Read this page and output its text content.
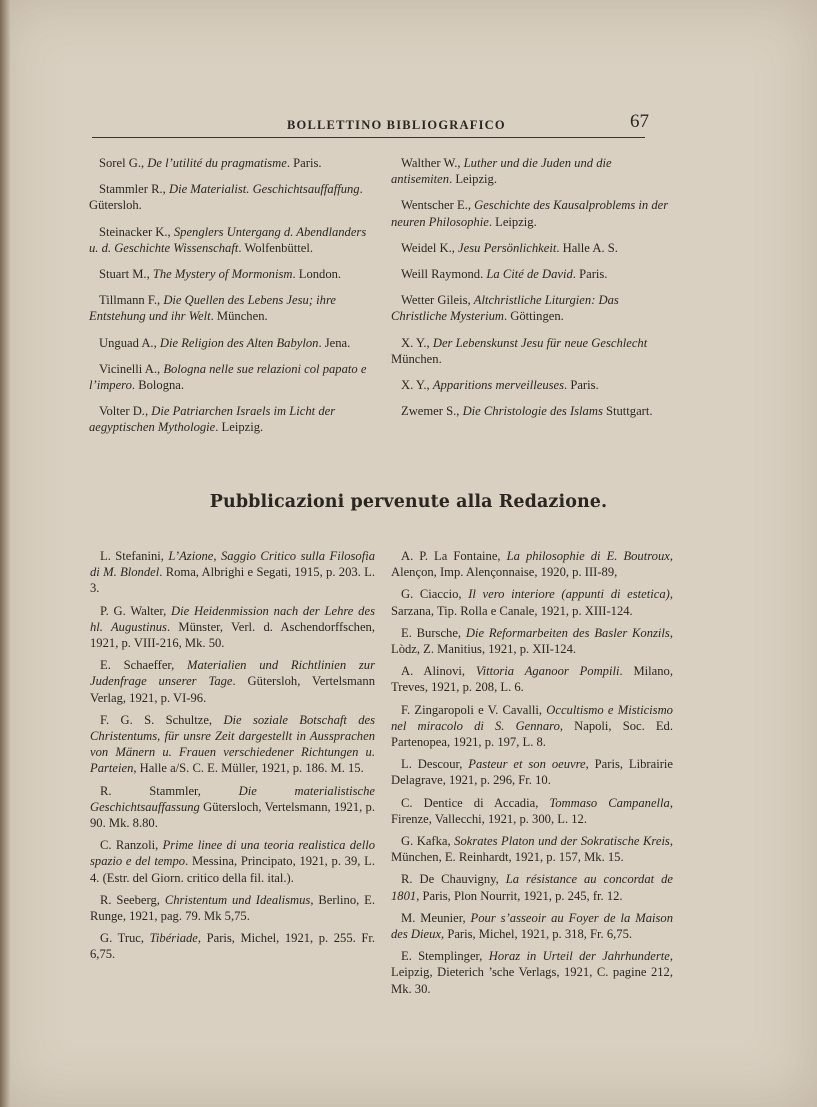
BOLLETTINO BIBLIOGRAFICO	67
Sorel G., De l’utilité du pragmatisme. Paris.
Stammler R., Die Materialist. Geschichtsauffaffung. Gütersloh.
Steinacker K., Spenglers Untergang d. Abendlanders u. d. Geschichte Wissenschaft. Wolfenbüttel.
Stuart M., The Mystery of Mormonism. London.
Tillmann F., Die Quellen des Lebens Jesu; ihre Entstehung und ihr Welt. München.
Unguad A., Die Religion des Alten Babylon. Jena.
Vicinelli A., Bologna nelle sue relazioni col papato e l’impero. Bologna.
Volter D., Die Patriarchen Israels im Licht der aegyptischen Mythologie. Leipzig.
Walther W., Luther und die Juden und die antisemiten. Leipzig.
Wentscher E., Geschichte des Kausalproblems in der neuren Philosophie. Leipzig.
Weidel K., Jesu Persönlichkeit. Halle A. S.
Weill Raymond. La Cité de David. Paris.
Wetter Gileis, Altchristliche Liturgien: Das Christliche Mysterium. Göttingen.
X. Y., Der Lebenskunst Jesu für neue Geschlecht München.
X. Y., Apparitions merveilleuses. Paris.
Zwemer S., Die Christologie des Islams Stuttgart.
Pubblicazioni pervenute alla Redazione.
L. Stefanini, L’Azione, Saggio Critico sulla Filosofia di M. Blondel. Roma, Albrighi e Segati, 1915, p. 203. L. 3.
P. G. Walter, Die Heidenmission nach der Lehre des hl. Augustinus. Münster, Verl. d. Aschendorffschen, 1921, p. VIII-216, Mk. 50.
E. Schaeffer, Materialien und Richtlinien zur Judenfrage unserer Tage. Gütersloh, Vertelsmann Verlag, 1921, p. VI-96.
F. G. S. Schultze, Die soziale Botschaft des Christentums, für unsre Zeit dargestellt in Aussprachen von Mänern u. Frauen verschiedener Richtungen u. Parteien, Halle a/S. C. E. Müller, 1921, p. 186. M. 15.
R. Stammler, Die materialistische Geschichtsauffassung Gütersloch, Vertelsmann, 1921, p. 90. Mk. 8.80.
C. Ranzoli, Prime linee di una teoria realistica dello spazio e del tempo. Messina, Principato, 1921, p. 39, L. 4. (Estr. del Giorn. critico della fil. ital.).
R. Seeberg, Christentum und Idealismus, Berlino, E. Runge, 1921, pag. 79. Mk 5,75.
G. Truc, Tibériade, Paris, Michel, 1921, p. 255. Fr. 6,75.
A. P. La Fontaine, La philosophie di E. Boutroux, Alençon, Imp. Alençonnaise, 1920, p. III-89,
G. Ciaccio, Il vero interiore (appunti di estetica), Sarzana, Tip. Rolla e Canale, 1921, p. XIII-124.
E. Bursche, Die Reformarbeiten des Basler Konzils, Lòdz, Z. Manitius, 1921, p. XII-124.
A. Alinovi, Vittoria Aganoor Pompili. Milano, Treves, 1921, p. 208, L. 6.
F. Zingaropoli e V. Cavalli, Occultismo e Misticismo nel miracolo di S. Gennaro, Napoli, Soc. Ed. Partenopea, 1921, p. 197, L. 8.
L. Descour, Pasteur et son oeuvre, Paris, Librairie Delagrave, 1921, p. 296, Fr. 10.
C. Dentice di Accadia, Tommaso Campanella, Firenze, Vallecchi, 1921, p. 300, L. 12.
G. Kafka, Sokrates Platon und der Sokratische Kreis, München, E. Reinhardt, 1921, p. 157, Mk. 15.
R. De Chauvigny, La résistance au concordat de 1801, Paris, Plon Nourrit, 1921, p. 245, fr. 12.
M. Meunier, Pour s’asseoir au Foyer de la Maison des Dieux, Paris, Michel, 1921, p. 318, Fr. 6,75.
E. Stemplinger, Horaz in Urteil der Jahrhunderte, Leipzig, Dieterich ’sche Verlags, 1921, C. pagine 212, Mk. 30.
